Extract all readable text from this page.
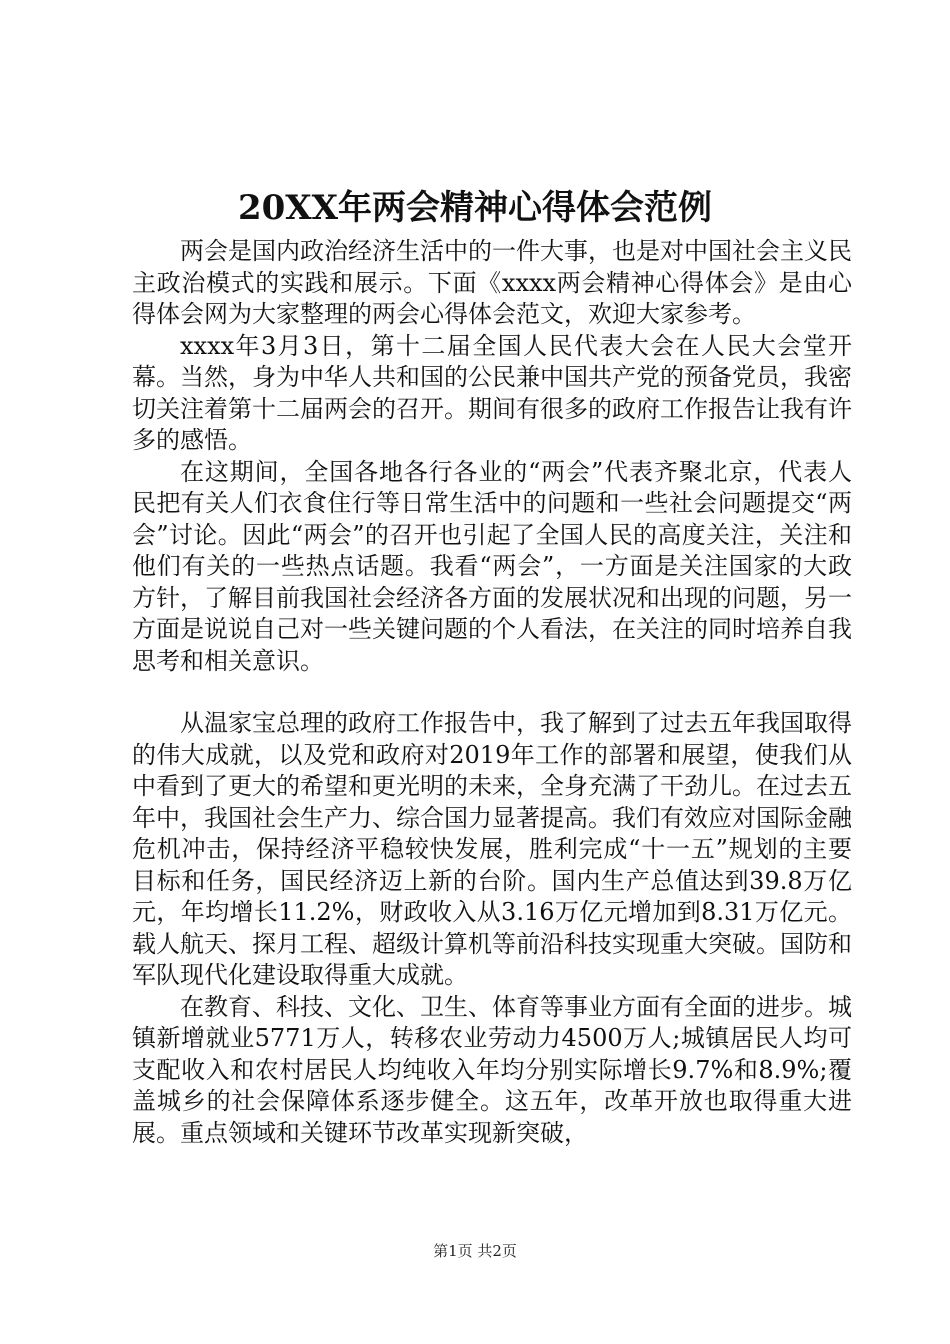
20XX年两会精神心得体会范例

两会是国内政治经济生活中的一件大事，也是对中国社会主义民主政治模式的实践和展示。下面《xxxx两会精神心得体会》是由心得体会网为大家整理的两会心得体会范文，欢迎大家参考。

xxxx年3月3日，第十二届全国人民代表大会在人民大会堂开幕。当然，身为中华人共和国的公民兼中国共产党的预备党员，我密切关注着第十二届两会的召开。期间有很多的政府工作报告让我有许多的感悟。

在这期间，全国各地各行各业的“两会”代表齐聚北京，代表人民把有关人们衣食住行等日常生活中的问题和一些社会问题提交“两会”讨论。因此“两会”的召开也引起了全国人民的高度关注，关注和他们有关的一些热点话题。我看“两会”，一方面是关注国家的大政方针，了解目前我国社会经济各方面的发展状况和出现的问题，另一方面是说说自己对一些关键问题的个人看法，在关注的同时培养自我思考和相关意识。

从温家宝总理的政府工作报告中，我了解到了过去五年我国取得的伟大成就，以及党和政府对2019年工作的部署和展望，使我们从中看到了更大的希望和更光明的未来，全身充满了干劲儿。在过去五年中，我国社会生产力、综合国力显著提高。我们有效应对国际金融危机冲击，保持经济平稳较快发展，胜利完成“十一五”规划的主要目标和任务，国民经济迈上新的台阶。国内生产总值达到39.8万亿元，年均增长11.2%，财政收入从3.16万亿元增加到8.31万亿元。载人航天、探月工程、超级计算机等前沿科技实现重大突破。国防和军队现代化建设取得重大成就。

在教育、科技、文化、卫生、体育等事业方面有全面的进步。城镇新增就业5771万人，转移农业劳动力4500万人;城镇居民人均可支配收入和农村居民人均纯收入年均分别实际增长9.7%和8.9%;覆盖城乡的社会保障体系逐步健全。这五年，改革开放也取得重大进展。重点领域和关键环节改革实现新突破，

第1页 共2页
